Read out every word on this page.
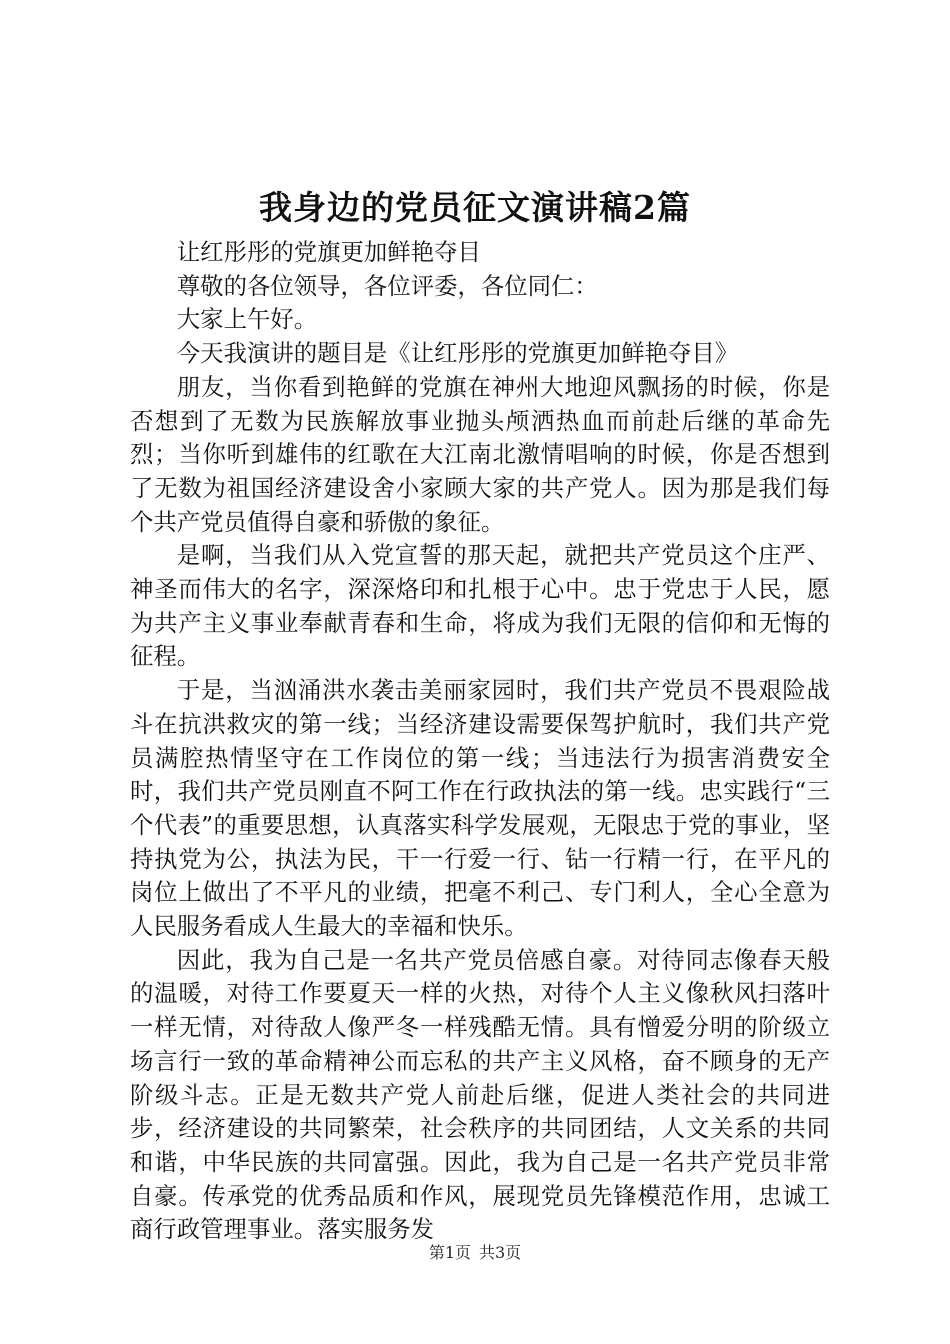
我身边的党员征文演讲稿2篇

让红彤彤的党旗更加鲜艳夺目

尊敬的各位领导，各位评委，各位同仁：

大家上午好。

今天我演讲的题目是《让红彤彤的党旗更加鲜艳夺目》

朋友，当你看到艳鲜的党旗在神州大地迎风飘扬的时候，你是否想到了无数为民族解放事业抛头颅洒热血而前赴后继的革命先烈；当你听到雄伟的红歌在大江南北激情唱响的时候，你是否想到了无数为祖国经济建设舍小家顾大家的共产党人。因为那是我们每个共产党员值得自豪和骄傲的象征。

是啊，当我们从入党宣誓的那天起，就把共产党员这个庄严、神圣而伟大的名字，深深烙印和扎根于心中。忠于党忠于人民，愿为共产主义事业奉献青春和生命，将成为我们无限的信仰和无悔的征程。

于是，当汹涌洪水袭击美丽家园时，我们共产党员不畏艰险战斗在抗洪救灾的第一线；当经济建设需要保驾护航时，我们共产党员满腔热情坚守在工作岗位的第一线；当违法行为损害消费安全时，我们共产党员刚直不阿工作在行政执法的第一线。忠实践行“三个代表”的重要思想，认真落实科学发展观，无限忠于党的事业，坚持执党为公，执法为民，干一行爱一行、钻一行精一行，在平凡的岗位上做出了不平凡的业绩，把毫不利己、专门利人，全心全意为人民服务看成人生最大的幸福和快乐。

因此，我为自己是一名共产党员倍感自豪。对待同志像春天般的温暖，对待工作要夏天一样的火热，对待个人主义像秋风扫落叶一样无情，对待敌人像严冬一样残酷无情。具有憎爱分明的阶级立场言行一致的革命精神公而忘私的共产主义风格，奋不顾身的无产阶级斗志。正是无数共产党人前赴后继，促进人类社会的共同进步，经济建设的共同繁荣，社会秩序的共同团结，人文关系的共同和谐，中华民族的共同富强。因此，我为自己是一名共产党员非常自豪。传承党的优秀品质和作风，展现党员先锋模范作用，忠诚工商行政管理事业。落实服务发

第1页 共3页
